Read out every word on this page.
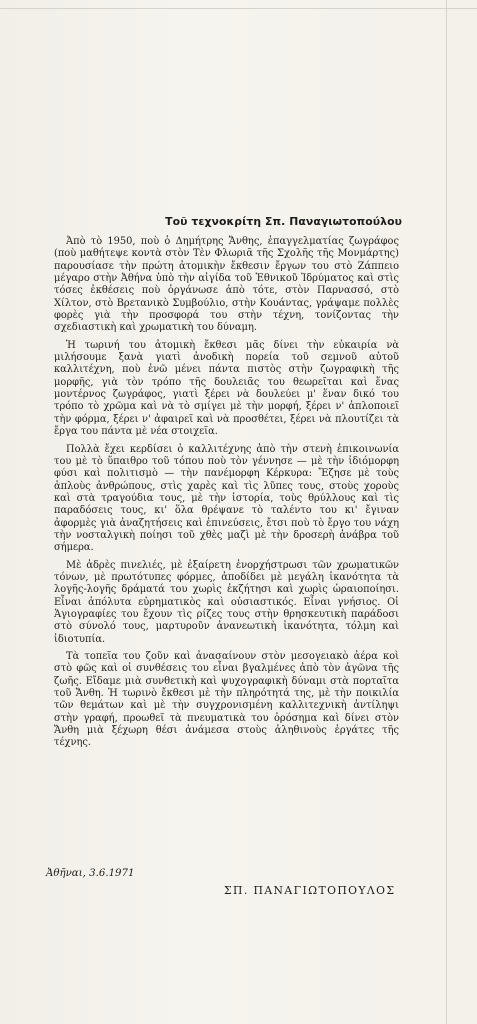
Τοῦ τεχνοκρίτη Σπ. Παναγιωτοπούλου

Ἀπὸ τὸ 1950, ποὺ ὁ Δημήτρης Ἄνθης, ἐπαγγελματίας ζωγράφος (ποὺ μαθήτεψε κοντὰ στὸν Τὲν Φλωριᾶ τῆς Σχολῆς τῆς Μονμάρτης) παρουσίασε τὴν πρώτη ἀτομικὴν ἔκθεσιν ἔργων του στὸ Ζάππειο μέγαρο στὴν Ἀθήνα ὑπὸ τὴν αἰγίδα τοῦ Ἐθνικοῦ Ἱδρύματος καὶ στὶς τόσες ἐκθέσεις ποὺ ὀργάνωσε ἀπὸ τότε, στὸν Παρνασσό, στὸ Χίλτον, στὸ Βρετανικὸ Συμβούλιο, στὴν Κουάντας, γράψαμε πολλὲς φορὲς γιὰ τὴν προσφορά του στὴν τέχνη, τονίζοντας τὴν σχεδιαστικὴ καὶ χρωματικὴ του δύναμη.

Ἡ τωρινή του ἀτομικὴ ἔκθεσι μᾶς δίνει τὴν εὐκαιρία νὰ μιλήσουμε ξανὰ γιατὶ ἀνοδικὴ πορεία τοῦ σεμνοῦ αὐτοῦ καλλιτέχνη, ποὺ ἐνῶ μένει πάντα πιστὸς στὴν ζωγραφικὴ τῆς μορφῆς, γιὰ τὸν τρόπο τῆς δουλειᾶς του θεωρεῖται καὶ ἕνας μοντέρνος ζωγράφος, γιατὶ ξέρει νὰ δουλεύει μ' ἕναν δικό του τρόπο τὸ χρῶμα καὶ νὰ τὸ σμίγει μὲ τὴν μορφή, ξέρει ν' ἁπλοποιεῖ τὴν φόρμα, ξέρει ν' ἀφαιρεῖ καὶ νὰ προσθέτει, ξέρει νὰ πλουτίζει τὰ ἔργα του πάντα μὲ νέα στοιχεῖα.

Πολλὰ ἔχει κερδίσει ὁ καλλιτέχνης ἀπὸ τὴν στενὴ ἐπικοινωνία του μὲ τὸ ὕπαιθρο τοῦ τόπου ποὺ τὸν γέννησε — μὲ τὴν ἰδιόμορφη φύσι καὶ πολιτισμὸ — τὴν πανέμορφη Κέρκυρα: Ἔζησε μὲ τοὺς ἁπλοὺς ἀνθρώπους, στὶς χαρὲς καὶ τὶς λῦπες τους, στοὺς χοροὺς καὶ στὰ τραγούδια τους, μὲ τὴν ἱστορία, τοὺς θρύλλους καὶ τὶς παραδόσεις τους, κι' ὅλα θρέψανε τὸ ταλέντο του κι' ἔγιναν ἀφορμὲς γιὰ ἀναζητήσεις καὶ ἐπινεύσεις, ἔτσι ποὺ τὸ ἔργο του νάχη τὴν νοσταλγικὴ ποίησι τοῦ χθὲς μαζὶ μὲ τὴν δροσερὴ ἀνάβρα τοῦ σήμερα.

Μὲ ἁδρὲς πινελιές, μὲ ἐξαίρετη ἐνορχήστρωσι τῶν χρωματικῶν τόνων, μὲ πρωτότυπες φόρμες, ἀποδίδει μὲ μεγάλη ἱκανότητα τὰ λογῆς-λογῆς δράματά του χωρὶς ἐκζήτησι καὶ χωρὶς ὡραιοποίησι. Εἶναι ἀπόλυτα εὐρηματικὸς καὶ οὐσιαστικός. Εἶναι γνήσιος. Οἱ Ἁγιογραφίες του ἔχουν τὶς ρίζες τους στὴν θρησκευτικὴ παράδοσι στὸ σύνολό τους, μαρτυροῦν ἀνανεωτικὴ ἱκανότητα, τόλμη καὶ ἰδιοτυπία.

Τὰ τοπεῖα του ζοῦν καὶ ἀνασαίνουν στὸν μεσογειακὸ ἀέρα κοὶ στὸ φῶς καὶ οἱ συνθέσεις του εἶναι βγαλμένες ἀπὸ τὸν ἀγῶνα τῆς ζωῆς. Εἴδαμε μιὰ συνθετικὴ καὶ ψυχογραφικὴ δύναμι στὰ πορταῖτα τοῦ Ἄνθη. Ἡ τωρινὸ ἔκθεσι μὲ τὴν πληρότητά της, μὲ τὴν ποικιλία τῶν θεμάτων καὶ μὲ τὴν συγχρονισμένη καλλιτεχνικὴ ἀντίληψι στὴν γραφή, προωθεῖ τὰ πνευματικὰ του ὀρόσημα καὶ δίνει στὸν Ἄνθη μιὰ ξέχωρη θέσι ἀνάμεσα στοὺς ἀληθινοὺς ἐργάτες τῆς τέχνης.

Ἀθῆναι, 3.6.1971

ΣΠ. ΠΑΝΑΓΙΩΤΟΠΟΥΛΟΣ
